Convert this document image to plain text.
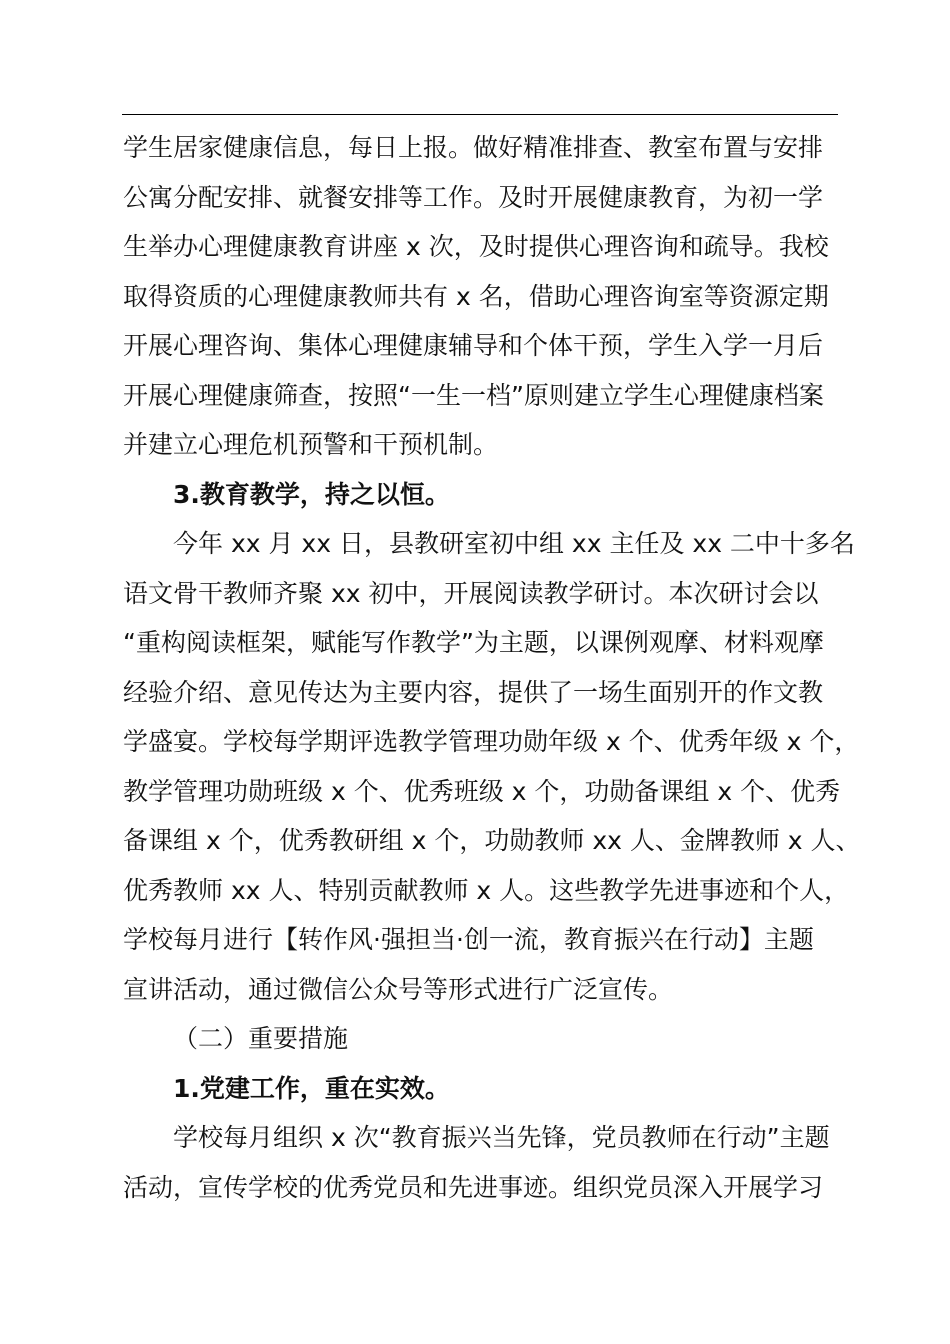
学生居家健康信息，每日上报。做好精准排查、教室布置与安排
公寓分配安排、就餐安排等工作。及时开展健康教育，为初一学
生举办心理健康教育讲座 x 次，及时提供心理咨询和疏导。我校
取得资质的心理健康教师共有 x 名，借助心理咨询室等资源定期
开展心理咨询、集体心理健康辅导和个体干预，学生入学一月后
开展心理健康筛查，按照“一生一档”原则建立学生心理健康档案
并建立心理危机预警和干预机制。
3.教育教学，持之以恒。
今年 xx 月 xx 日，县教研室初中组 xx 主任及 xx 二中十多名
语文骨干教师齐聚 xx 初中，开展阅读教学研讨。本次研讨会以
“重构阅读框架，赋能写作教学”为主题，以课例观摩、材料观摩
经验介绍、意见传达为主要内容，提供了一场生面别开的作文教
学盛宴。学校每学期评选教学管理功勋年级 x 个、优秀年级 x 个，
教学管理功勋班级 x 个、优秀班级 x 个，功勋备课组 x 个、优秀
备课组 x 个，优秀教研组 x 个，功勋教师 xx 人、金牌教师 x 人、
优秀教师 xx 人、特别贡献教师 x 人。这些教学先进事迹和个人，
学校每月进行【转作风·强担当·创一流，教育振兴在行动】主题
宣讲活动，通过微信公众号等形式进行广泛宣传。
（二）重要措施
1.党建工作，重在实效。
学校每月组织 x 次“教育振兴当先锋，党员教师在行动”主题
活动，宣传学校的优秀党员和先进事迹。组织党员深入开展学习
